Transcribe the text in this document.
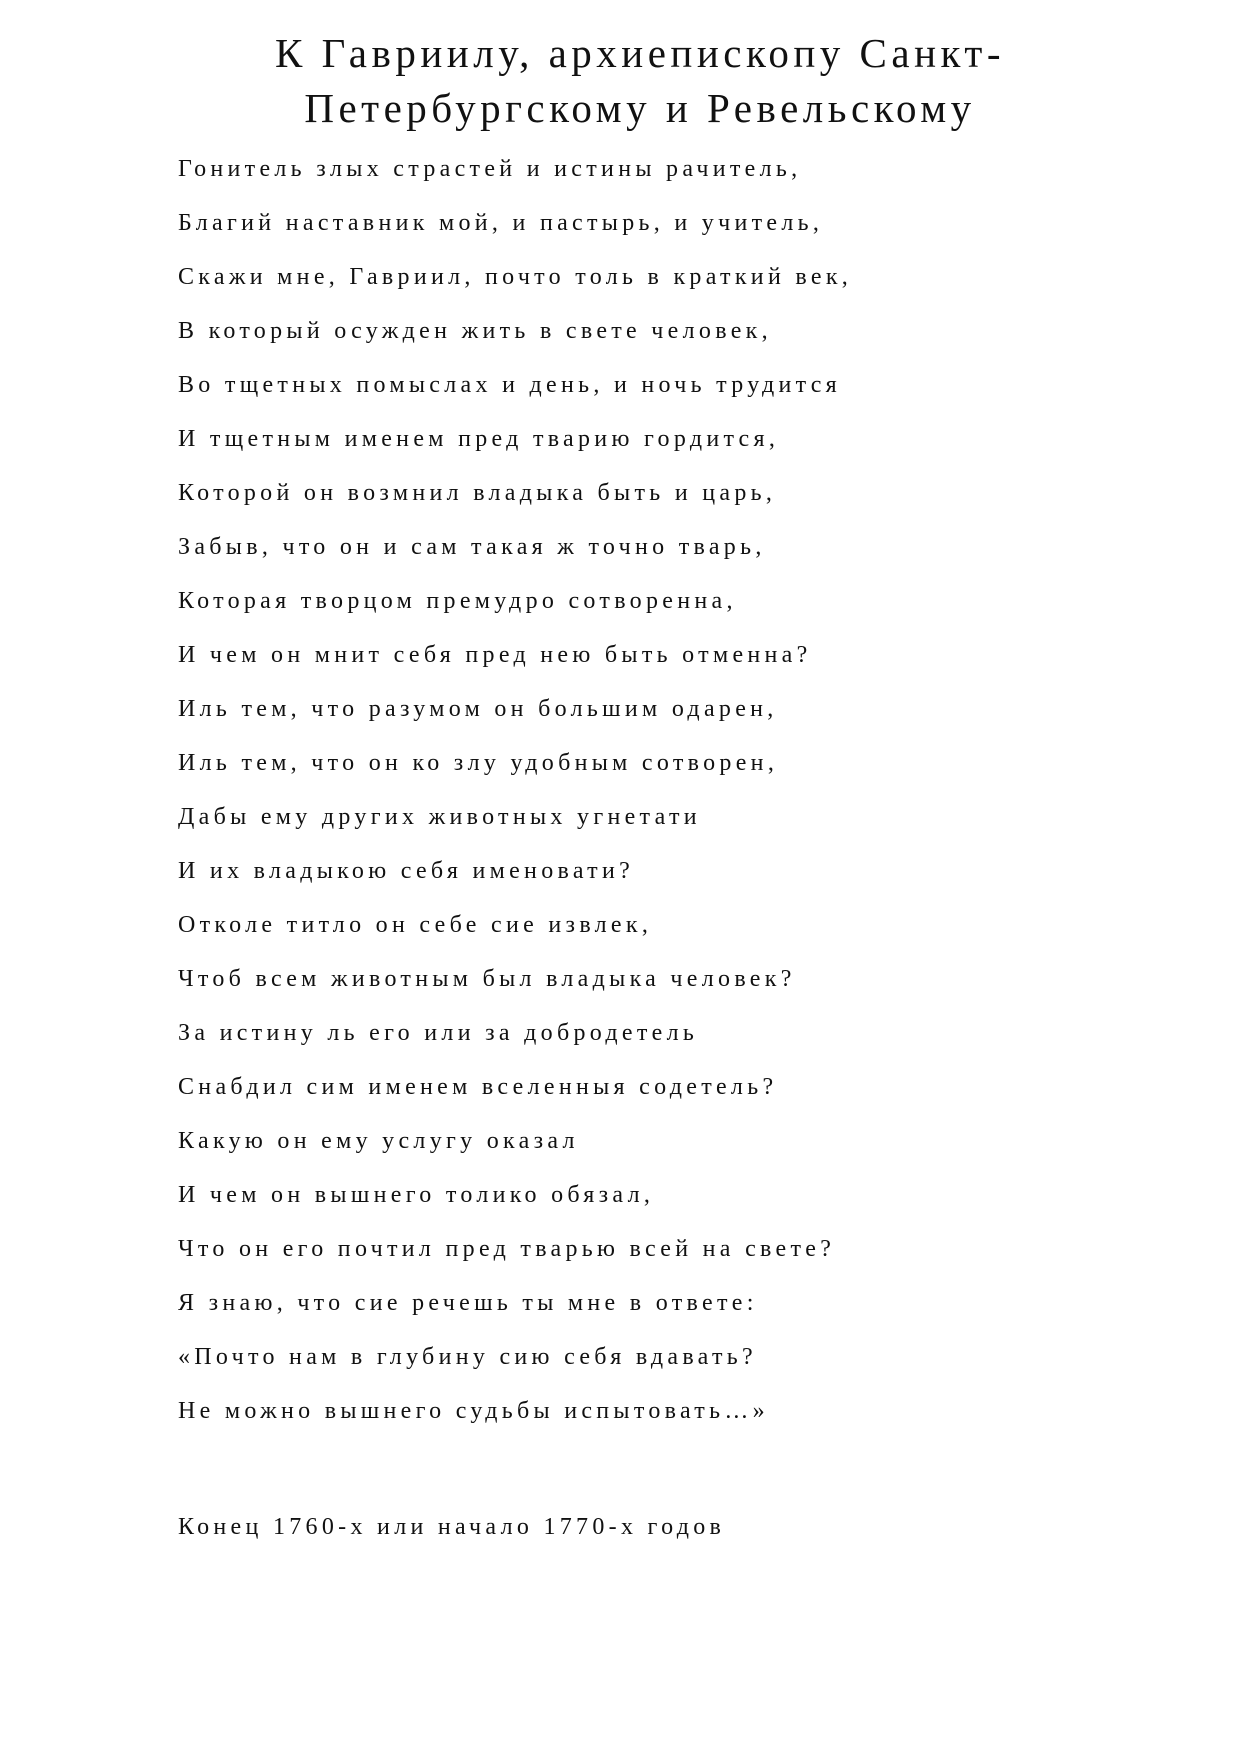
К Гавриилу, архиепископу Санкт-Петербургскому и Ревельскому
Гонитель злых страстей и истины рачитель,
Благий наставник мой, и пастырь, и учитель,
Скажи мне, Гавриил, почто толь в краткий век,
В который осужден жить в свете человек,
Во тщетных помыслах и день, и ночь трудится
И тщетным именем пред тварию гордится,
Которой он возмнил владыка быть и царь,
Забыв, что он и сам такая ж точно тварь,
Которая творцом премудро сотворенна,
И чем он мнит себя пред нею быть отменна?
Иль тем, что разумом он большим одарен,
Иль тем, что он ко злу удобным сотворен,
Дабы ему других животных угнетати
И их владыкою себя именовати?
Отколе титло он себе сие извлек,
Чтоб всем животным был владыка человек?
За истину ль его или за добродетель
Снабдил сим именем вселенныя содетель?
Какую он ему услугу оказал
И чем он вышнего толико обязал,
Что он его почтил пред тварью всей на свете?
Я знаю, что сие речешь ты мне в ответе:
«Почто нам в глубину сию себя вдавать?
Не можно вышнего судьбы испытовать…»
Конец 1760-х или начало 1770-х годов
